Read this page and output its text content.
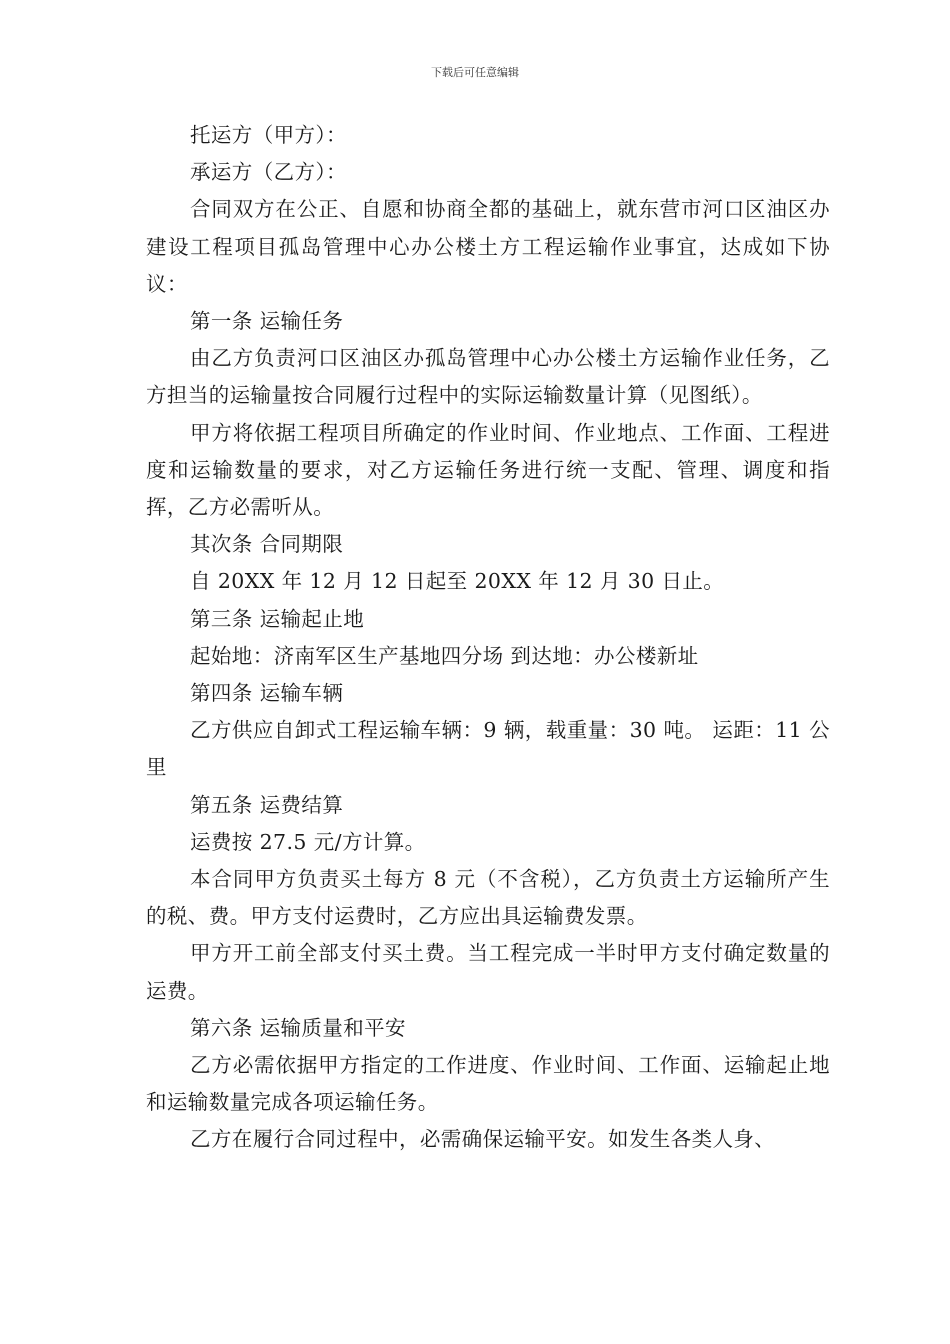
下载后可任意编辑

托运方（甲方）：

承运方（乙方）：

合同双方在公正、自愿和协商全都的基础上，就东营市河口区油区办建设工程项目孤岛管理中心办公楼土方工程运输作业事宜，达成如下协议：

第一条 运输任务

由乙方负责河口区油区办孤岛管理中心办公楼土方运输作业任务，乙方担当的运输量按合同履行过程中的实际运输数量计算（见图纸）。

甲方将依据工程项目所确定的作业时间、作业地点、工作面、工程进度和运输数量的要求，对乙方运输任务进行统一支配、管理、调度和指挥，乙方必需听从。

其次条 合同期限

自 20XX 年 12 月 12 日起至 20XX 年 12 月 30 日止。

第三条 运输起止地

起始地：济南军区生产基地四分场 到达地：办公楼新址

第四条 运输车辆

乙方供应自卸式工程运输车辆：9 辆，载重量：30 吨。 运距：11 公里

第五条 运费结算

运费按 27.5 元/方计算。

本合同甲方负责买土每方 8 元（不含税），乙方负责土方运输所产生的税、费。甲方支付运费时，乙方应出具运输费发票。

甲方开工前全部支付买土费。当工程完成一半时甲方支付确定数量的运费。

第六条 运输质量和平安

乙方必需依据甲方指定的工作进度、作业时间、工作面、运输起止地和运输数量完成各项运输任务。

乙方在履行合同过程中，必需确保运输平安。如发生各类人身、
